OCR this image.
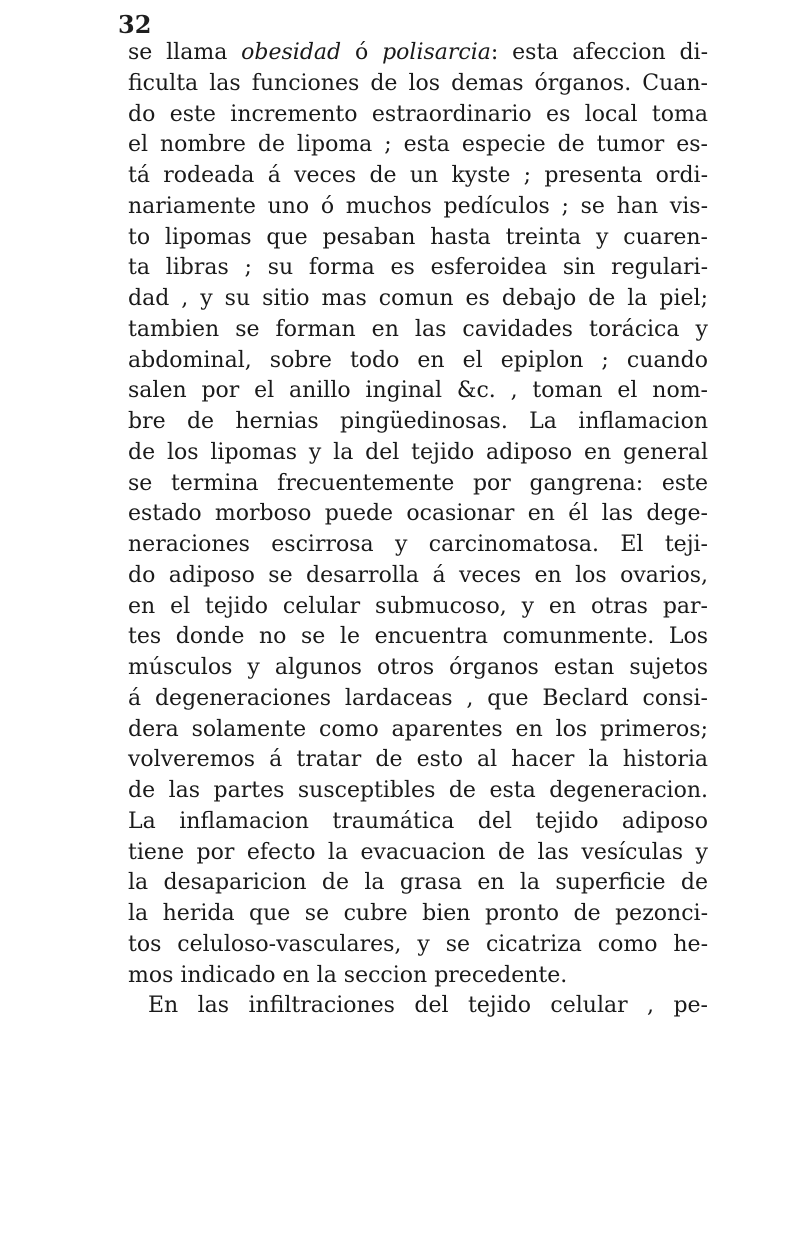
32
se llama obesidad ó polisarcia: esta afeccion di-
ficulta las funciones de los demas órganos. Cuan-
do este incremento estraordinario es local toma
el nombre de lipoma ; esta especie de tumor es-
tá rodeada á veces de un kyste ; presenta ordi-
nariamente uno ó muchos pedículos ; se han vis-
to lipomas que pesaban hasta treinta y cuaren-
ta libras ; su forma es esferoidea sin regulari-
dad , y su sitio mas comun es debajo de la piel;
tambien se forman en las cavidades torácica y
abdominal, sobre todo en el epiplon ; cuando
salen por el anillo inginal &c. , toman el nom-
bre de hernias pingüedinosas. La inflamacion
de los lipomas y la del tejido adiposo en general
se termina frecuentemente por gangrena: este
estado morboso puede ocasionar en él las dege-
neraciones escirrosa y carcinomatosa. El teji-
do adiposo se desarrolla á veces en los ovarios,
en el tejido celular submucoso, y en otras par-
tes donde no se le encuentra comunmente. Los
músculos y algunos otros órganos estan sujetos
á degeneraciones lardaceas , que Beclard consi-
dera solamente como aparentes en los primeros;
volveremos á tratar de esto al hacer la historia
de las partes susceptibles de esta degeneracion.
La inflamacion traumática del tejido adiposo
tiene por efecto la evacuacion de las vesículas y
la desaparicion de la grasa en la superficie de
la herida que se cubre bien pronto de pezonci-
tos celuloso-vasculares, y se cicatriza como he-
mos indicado en la seccion precedente.
En las infiltraciones del tejido celular , pe-
